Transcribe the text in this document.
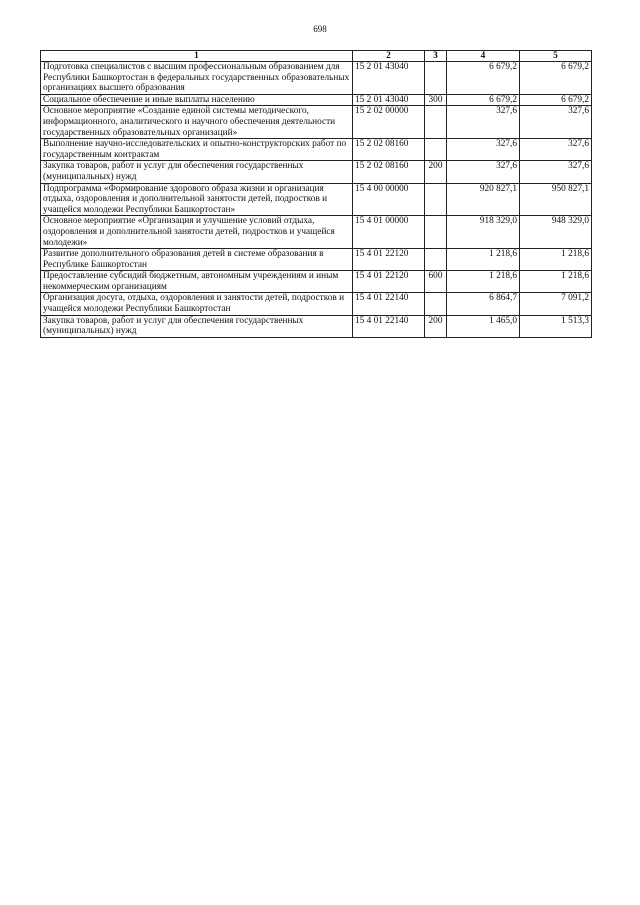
698
1	2	3	4	5
Подготовка специалистов с высшим профессиональным образованием для Республики Башкортостан в федеральных государственных образовательных организациях высшего образования	15 2 01 43040		6 679,2	6 679,2
Социальное обеспечение и иные выплаты населению	15 2 01 43040	300	6 679,2	6 679,2
Основное мероприятие «Создание единой системы методического, информационного, аналитического и научного обеспечения деятельности государственных образовательных организаций»	15 2 02 00000		327,6	327,6
Выполнение научно-исследовательских и опытно-конструкторских работ по государственным контрактам	15 2 02 08160		327,6	327,6
Закупка товаров, работ и услуг для обеспечения государственных (муниципальных) нужд	15 2 02 08160	200	327,6	327,6
Подпрограмма «Формирование здорового образа жизни и организация отдыха, оздоровления и дополнительной занятости детей, подростков и учащейся молодежи Республики Башкортостан»	15 4 00 00000		920 827,1	950 827,1
Основное мероприятие «Организация и улучшение условий отдыха, оздоровления и дополнительной занятости детей, подростков и учащейся молодежи»	15 4 01 00000		918 329,0	948 329,0
Развитие дополнительного образования детей в системе образования в Республике Башкортостан	15 4 01 22120		1 218,6	1 218,6
Предоставление субсидий бюджетным, автономным учреждениям и иным некоммерческим организациям	15 4 01 22120	600	1 218,6	1 218,6
Организация досуга, отдыха, оздоровления и занятости детей, подростков и учащейся молодежи Республики Башкортостан	15 4 01 22140		6 864,7	7 091,2
Закупка товаров, работ и услуг для обеспечения государственных (муниципальных) нужд	15 4 01 22140	200	1 465,0	1 513,3
